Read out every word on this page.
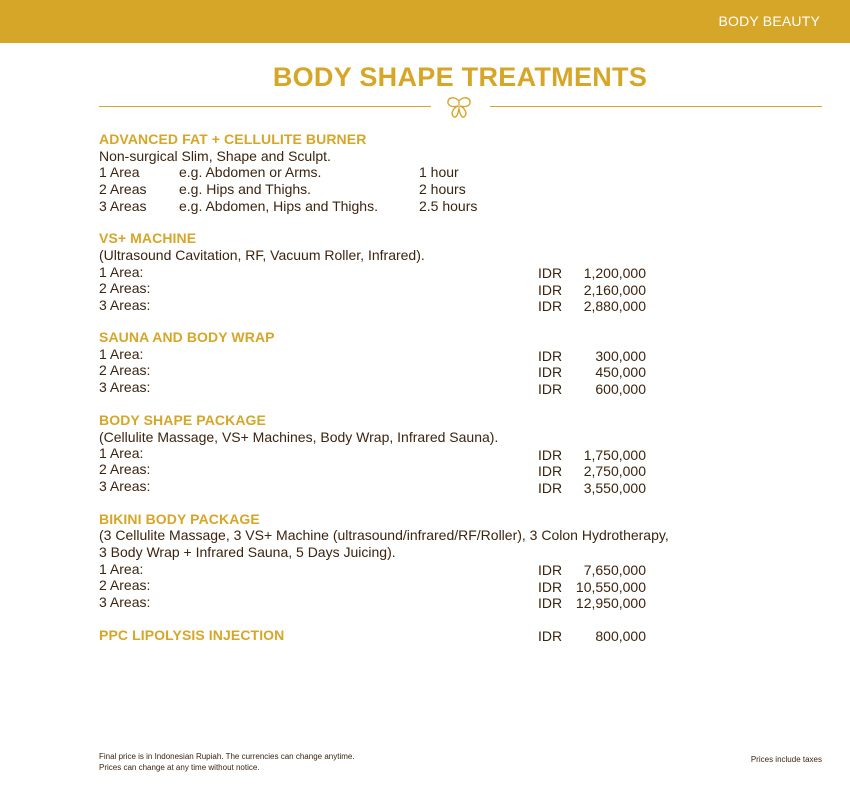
BODY BEAUTY
BODY SHAPE TREATMENTS
ADVANCED FAT + CELLULITE BURNER
Non-surgical Slim, Shape and Sculpt.
1 Area	e.g. Abdomen or Arms.	1 hour
2 Areas e.g. Hips and Thighs.	2 hours
3 Areas e.g. Abdomen, Hips and Thighs.	2.5 hours
VS+ MACHINE
(Ultrasound Cavitation, RF, Vacuum Roller, Infrared).
1 Area:	IDR	1,200,000
2 Areas:	IDR	2,160,000
3 Areas:	IDR	2,880,000
SAUNA AND BODY WRAP
1 Area:	IDR	300,000
2 Areas:	IDR	450,000
3 Areas:	IDR	600,000
BODY SHAPE PACKAGE
(Cellulite Massage, VS+ Machines, Body Wrap, Infrared Sauna).
1 Area:	IDR	1,750,000
2 Areas:	IDR	2,750,000
3 Areas:	IDR	3,550,000
BIKINI BODY PACKAGE
(3 Cellulite Massage, 3 VS+ Machine (ultrasound/infrared/RF/Roller), 3 Colon Hydrotherapy,
3 Body Wrap + Infrared Sauna, 5 Days Juicing).
1 Area:	IDR	7,650,000
2 Areas:	IDR 10,550,000
3 Areas:	IDR 12,950,000
PPC LIPOLYSIS INJECTION	IDR	800,000
Final price is in Indonesian Rupiah. The currencies can change anytime.
Prices can change at any time without notice.
Prices include taxes
